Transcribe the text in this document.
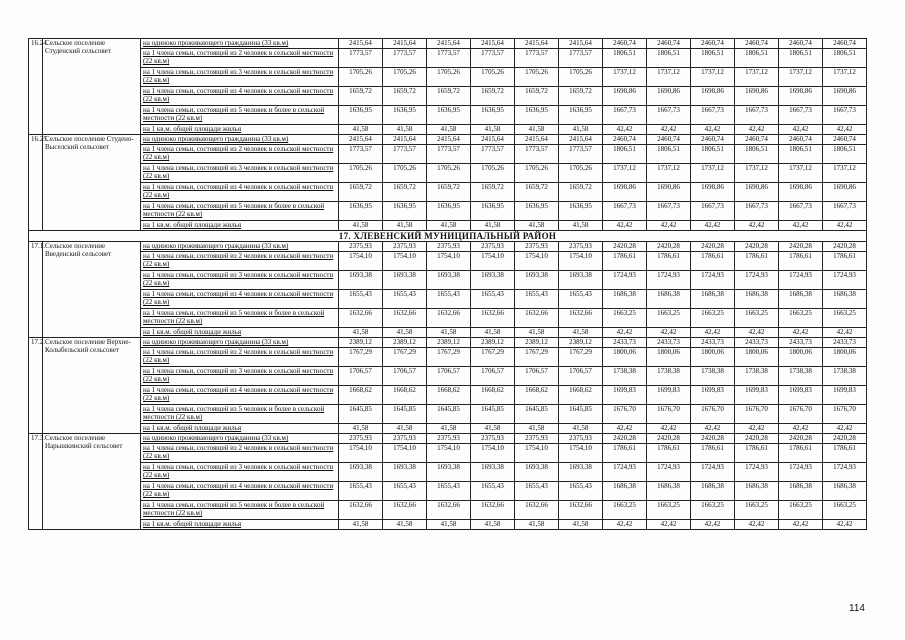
16.24.	Сельское поселение Студенский сельсовет	на одиноко проживающего гражданина (33 кв.м)	2415,64	2415,64	2415,64	2415,64	2415,64	2415,64	2460,74	2460,74	2460,74	2460,74	2460,74	2460,74
		на 1 члена семьи, состоящей из 2 человек в сельской местности (22 кв.м)	1773,57	1773,57	1773,57	1773,57	1773,57	1773,57	1806,51	1806,51	1806,51	1806,51	1806,51	1806,51
		на 1 члена семьи, состоящей из 3 человек в сельской местности (22 кв.м)	1705,26	1705,26	1705,26	1705,26	1705,26	1705,26	1737,12	1737,12	1737,12	1737,12	1737,12	1737,12
		на 1 члена семьи, состоящей из 4 человек в сельской местности (22 кв.м)	1659,72	1659,72	1659,72	1659,72	1659,72	1659,72	1690,86	1690,86	1690,86	1690,86	1690,86	1690,86
		на 1 члена семьи, состоящей из 5 человек и более в сельской местности (22 кв.м)	1636,95	1636,95	1636,95	1636,95	1636,95	1636,95	1667,73	1667,73	1667,73	1667,73	1667,73	1667,73
		на 1 кв.м. общей площади жилья	41,58	41,58	41,58	41,58	41,58	41,58	42,42	42,42	42,42	42,42	42,42	42,42
16.25.	Сельское поселение Студено-Выселский сельсовет	на одиноко проживающего гражданина (33 кв.м)	2415,64	2415,64	2415,64	2415,64	2415,64	2415,64	2460,74	2460,74	2460,74	2460,74	2460,74	2460,74
		на 1 члена семьи, состоящей из 2 человек в сельской местности (22 кв.м)	1773,57	1773,57	1773,57	1773,57	1773,57	1773,57	1806,51	1806,51	1806,51	1806,51	1806,51	1806,51
		на 1 члена семьи, состоящей из 3 человек в сельской местности (22 кв.м)	1705,26	1705,26	1705,26	1705,26	1705,26	1705,26	1737,12	1737,12	1737,12	1737,12	1737,12	1737,12
		на 1 члена семьи, состоящей из 4 человек в сельской местности (22 кв.м)	1659,72	1659,72	1659,72	1659,72	1659,72	1659,72	1690,86	1690,86	1690,86	1690,86	1690,86	1690,86
		на 1 члена семьи, состоящей из 5 человек и более в сельской местности (22 кв.м)	1636,95	1636,95	1636,95	1636,95	1636,95	1636,95	1667,73	1667,73	1667,73	1667,73	1667,73	1667,73
		на 1 кв.м. общей площади жилья	41,58	41,58	41,58	41,58	41,58	41,58	42,42	42,42	42,42	42,42	42,42	42,42
17. ХЛЕВЕНСКИЙ МУНИЦИПАЛЬНЫЙ РАЙОН														
17.1.	Сельское поселение Введенский сельсовет	на одиноко проживающего гражданина (33 кв.м)	2375,93	2375,93	2375,93	2375,93	2375,93	2375,93	2420,28	2420,28	2420,28	2420,28	2420,28	2420,28
		на 1 члена семьи, состоящей из 2 человек в сельской местности (22 кв.м)	1754,10	1754,10	1754,10	1754,10	1754,10	1754,10	1786,61	1786,61	1786,61	1786,61	1786,61	1786,61
		на 1 члена семьи, состоящей из 3 человек в сельской местности (22 кв.м)	1693,38	1693,38	1693,38	1693,38	1693,38	1693,38	1724,93	1724,93	1724,93	1724,93	1724,93	1724,93
		на 1 члена семьи, состоящей из 4 человек в сельской местности (22 кв.м)	1655,43	1655,43	1655,43	1655,43	1655,43	1655,43	1686,38	1686,38	1686,38	1686,38	1686,38	1686,38
		на 1 члена семьи, состоящей из 5 человек и более в сельской местности (22 кв.м)	1632,66	1632,66	1632,66	1632,66	1632,66	1632,66	1663,25	1663,25	1663,25	1663,25	1663,25	1663,25
		на 1 кв.м. общей площади жилья	41,58	41,58	41,58	41,58	41,58	41,58	42,42	42,42	42,42	42,42	42,42	42,42
17.2.	Сельское поселение Верхне-Колыбельский сельсовет	на одиноко проживающего гражданина (33 кв.м)	2389,12	2389,12	2389,12	2389,12	2389,12	2389,12	2433,73	2433,73	2433,73	2433,73	2433,73	2433,73
		на 1 члена семьи, состоящей из 2 человек в сельской местности (22 кв.м)	1767,29	1767,29	1767,29	1767,29	1767,29	1767,29	1800,06	1800,06	1800,06	1800,06	1800,06	1800,06
		на 1 члена семьи, состоящей из 3 человек в сельской местности (22 кв.м)	1706,57	1706,57	1706,57	1706,57	1706,57	1706,57	1738,38	1738,38	1738,38	1738,38	1738,38	1738,38
		на 1 члена семьи, состоящей из 4 человек в сельской местности (22 кв.м)	1668,62	1668,62	1668,62	1668,62	1668,62	1668,62	1699,83	1699,83	1699,83	1699,83	1699,83	1699,83
		на 1 члена семьи, состоящей из 5 человек и более в сельской местности (22 кв.м)	1645,85	1645,85	1645,85	1645,85	1645,85	1645,85	1676,70	1676,70	1676,70	1676,70	1676,70	1676,70
		на 1 кв.м. общей площади жилья	41,58	41,58	41,58	41,58	41,58	41,58	42,42	42,42	42,42	42,42	42,42	42,42
17.3.	Сельское поселение Нарышкинский сельсовет	на одиноко проживающего гражданина (33 кв.м)	2375,93	2375,93	2375,93	2375,93	2375,93	2375,93	2420,28	2420,28	2420,28	2420,28	2420,28	2420,28
		на 1 члена семьи, состоящей из 2 человек в сельской местности (22 кв.м)	1754,10	1754,10	1754,10	1754,10	1754,10	1754,10	1786,61	1786,61	1786,61	1786,61	1786,61	1786,61
		на 1 члена семьи, состоящей из 3 человек в сельской местности (22 кв.м)	1693,38	1693,38	1693,38	1693,38	1693,38	1693,38	1724,93	1724,93	1724,93	1724,93	1724,93	1724,93
		на 1 члена семьи, состоящей из 4 человек в сельской местности (22 кв.м)	1655,43	1655,43	1655,43	1655,43	1655,43	1655,43	1686,38	1686,38	1686,38	1686,38	1686,38	1686,38
		на 1 члена семьи, состоящей из 5 человек и более в сельской местности (22 кв.м)	1632,66	1632,66	1632,66	1632,66	1632,66	1632,66	1663,25	1663,25	1663,25	1663,25	1663,25	1663,25
		на 1 кв.м. общей площади жилья	41,58	41,58	41,58	41,58	41,58	41,58	42,42	42,42	42,42	42,42	42,42	42,42
114
